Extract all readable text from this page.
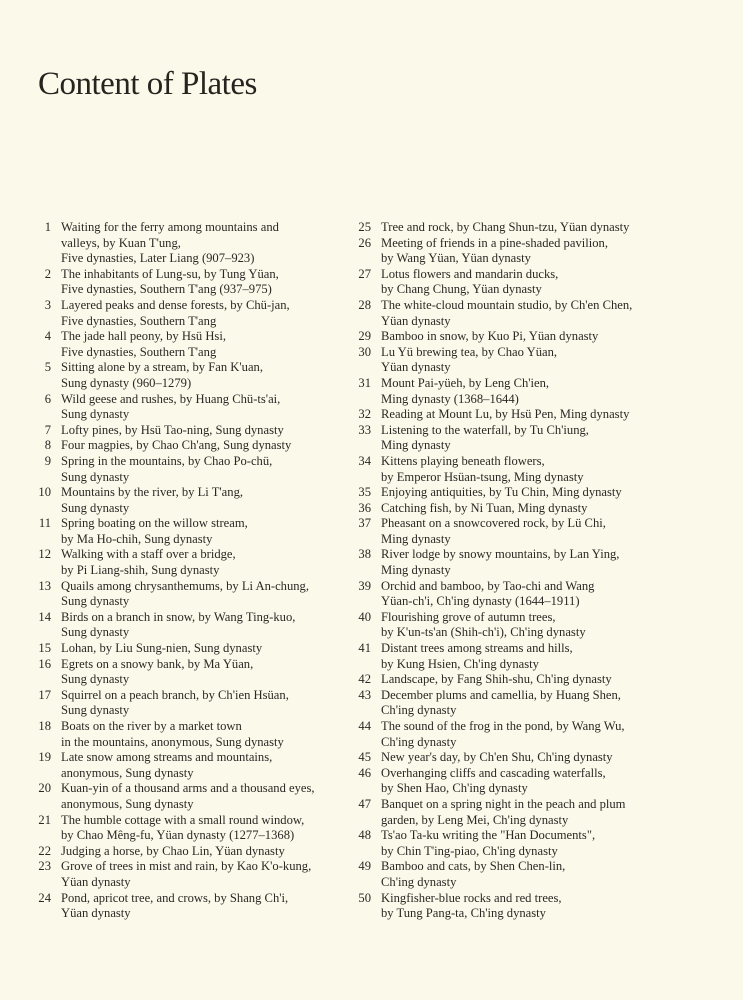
Content of Plates
1 Waiting for the ferry among mountains and
valleys, by Kuan T'ung,
Five dynasties, Later Liang (907–923)
2 The inhabitants of Lung-su, by Tung Yüan,
Five dynasties, Southern T'ang (937–975)
3 Layered peaks and dense forests, by Chü-jan,
Five dynasties, Southern T'ang
4 The jade hall peony, by Hsü Hsi,
Five dynasties, Southern T'ang
5 Sitting alone by a stream, by Fan K'uan,
Sung dynasty (960–1279)
6 Wild geese and rushes, by Huang Chü-ts'ai,
Sung dynasty
7 Lofty pines, by Hsü Tao-ning, Sung dynasty
8 Four magpies, by Chao Ch'ang, Sung dynasty
9 Spring in the mountains, by Chao Po-chü,
Sung dynasty
10 Mountains by the river, by Li T'ang,
Sung dynasty
11 Spring boating on the willow stream,
by Ma Ho-chih, Sung dynasty
12 Walking with a staff over a bridge,
by Pi Liang-shih, Sung dynasty
13 Quails among chrysanthemums, by Li An-chung,
Sung dynasty
14 Birds on a branch in snow, by Wang Ting-kuo,
Sung dynasty
15 Lohan, by Liu Sung-nien, Sung dynasty
16 Egrets on a snowy bank, by Ma Yüan,
Sung dynasty
17 Squirrel on a peach branch, by Ch'ien Hsüan,
Sung dynasty
18 Boats on the river by a market town
in the mountains, anonymous, Sung dynasty
19 Late snow among streams and mountains,
anonymous, Sung dynasty
20 Kuan-yin of a thousand arms and a thousand eyes,
anonymous, Sung dynasty
21 The humble cottage with a small round window,
by Chao Mêng-fu, Yüan dynasty (1277–1368)
22 Judging a horse, by Chao Lin, Yüan dynasty
23 Grove of trees in mist and rain, by Kao K'o-kung,
Yüan dynasty
24 Pond, apricot tree, and crows, by Shang Ch'i,
Yüan dynasty
25 Tree and rock, by Chang Shun-tzu, Yüan dynasty
26 Meeting of friends in a pine-shaded pavilion,
by Wang Yüan, Yüan dynasty
27 Lotus flowers and mandarin ducks,
by Chang Chung, Yüan dynasty
28 The white-cloud mountain studio, by Ch'en Chen,
Yüan dynasty
29 Bamboo in snow, by Kuo Pi, Yüan dynasty
30 Lu Yü brewing tea, by Chao Yüan,
Yüan dynasty
31 Mount Pai-yüeh, by Leng Ch'ien,
Ming dynasty (1368–1644)
32 Reading at Mount Lu, by Hsü Pen, Ming dynasty
33 Listening to the waterfall, by Tu Ch'iung,
Ming dynasty
34 Kittens playing beneath flowers,
by Emperor Hsüan-tsung, Ming dynasty
35 Enjoying antiquities, by Tu Chin, Ming dynasty
36 Catching fish, by Ni Tuan, Ming dynasty
37 Pheasant on a snowcovered rock, by Lü Chi,
Ming dynasty
38 River lodge by snowy mountains, by Lan Ying,
Ming dynasty
39 Orchid and bamboo, by Tao-chi and Wang
Yüan-ch'i, Ch'ing dynasty (1644–1911)
40 Flourishing grove of autumn trees,
by K'un-ts'an (Shih-ch'i), Ch'ing dynasty
41 Distant trees among streams and hills,
by Kung Hsien, Ch'ing dynasty
42 Landscape, by Fang Shih-shu, Ch'ing dynasty
43 December plums and camellia, by Huang Shen,
Ch'ing dynasty
44 The sound of the frog in the pond, by Wang Wu,
Ch'ing dynasty
45 New year's day, by Ch'en Shu, Ch'ing dynasty
46 Overhanging cliffs and cascading waterfalls,
by Shen Hao, Ch'ing dynasty
47 Banquet on a spring night in the peach and plum
garden, by Leng Mei, Ch'ing dynasty
48 Ts'ao Ta-ku writing the "Han Documents",
by Chin T'ing-piao, Ch'ing dynasty
49 Bamboo and cats, by Shen Chen-lin,
Ch'ing dynasty
50 Kingfisher-blue rocks and red trees,
by Tung Pang-ta, Ch'ing dynasty
